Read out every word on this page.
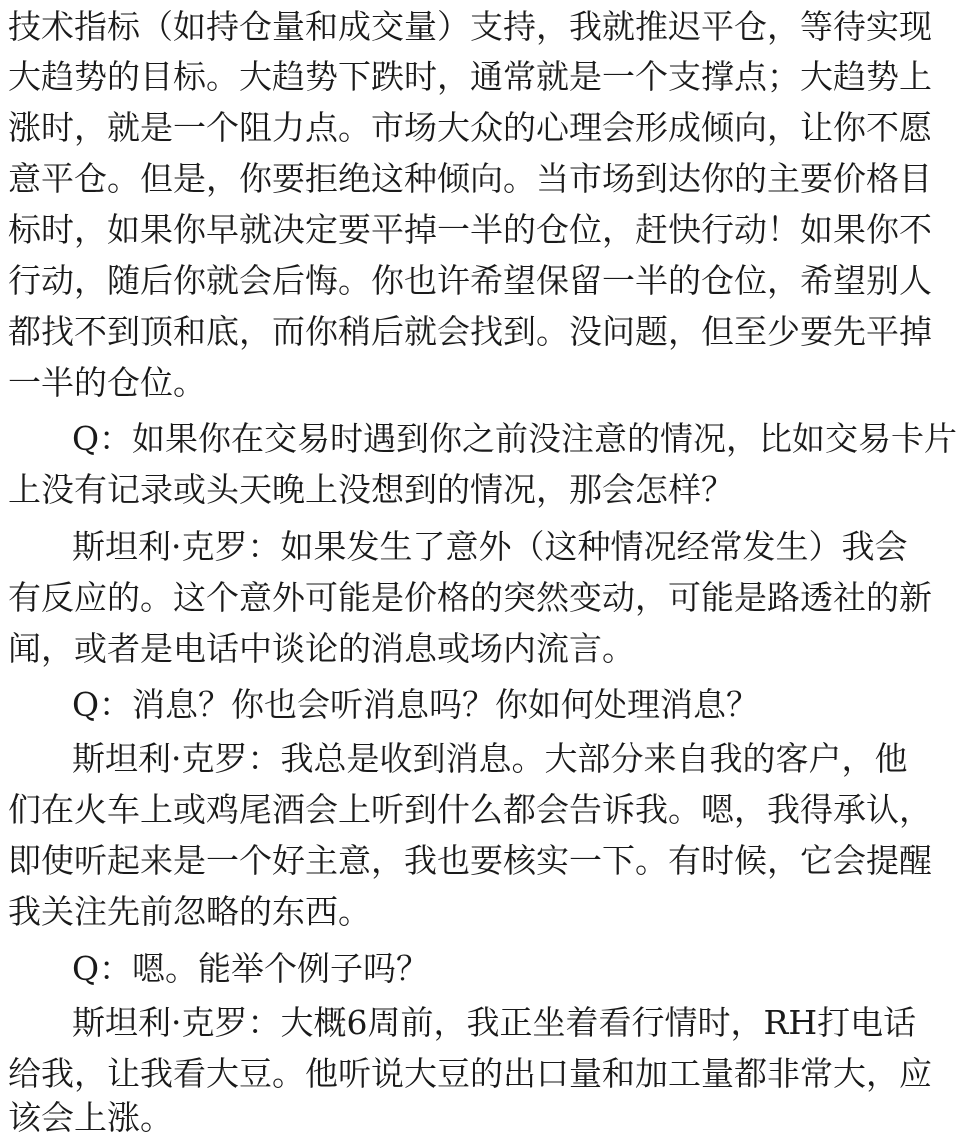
技术指标（如持仓量和成交量）支持，我就推迟平仓，等待实现
大趋势的目标。大趋势下跌时，通常就是一个支撑点；大趋势上
涨时，就是一个阻力点。市场大众的心理会形成倾向，让你不愿
意平仓。但是，你要拒绝这种倾向。当市场到达你的主要价格目
标时，如果你早就决定要平掉一半的仓位，赶快行动！如果你不
行动，随后你就会后悔。你也许希望保留一半的仓位，希望别人
都找不到顶和底，而你稍后就会找到。没问题，但至少要先平掉
一半的仓位。
Q：如果你在交易时遇到你之前没注意的情况，比如交易卡片
上没有记录或头天晚上没想到的情况，那会怎样？
斯坦利·克罗：如果发生了意外（这种情况经常发生）我会
有反应的。这个意外可能是价格的突然变动，可能是路透社的新
闻，或者是电话中谈论的消息或场内流言。
Q：消息？你也会听消息吗？你如何处理消息？
斯坦利·克罗：我总是收到消息。大部分来自我的客户，他
们在火车上或鸡尾酒会上听到什么都会告诉我。嗯，我得承认，
即使听起来是一个好主意，我也要核实一下。有时候，它会提醒
我关注先前忽略的东西。
Q：嗯。能举个例子吗？
斯坦利·克罗：大概6周前，我正坐着看行情时，RH打电话
给我，让我看大豆。他听说大豆的出口量和加工量都非常大，应
该会上涨。
